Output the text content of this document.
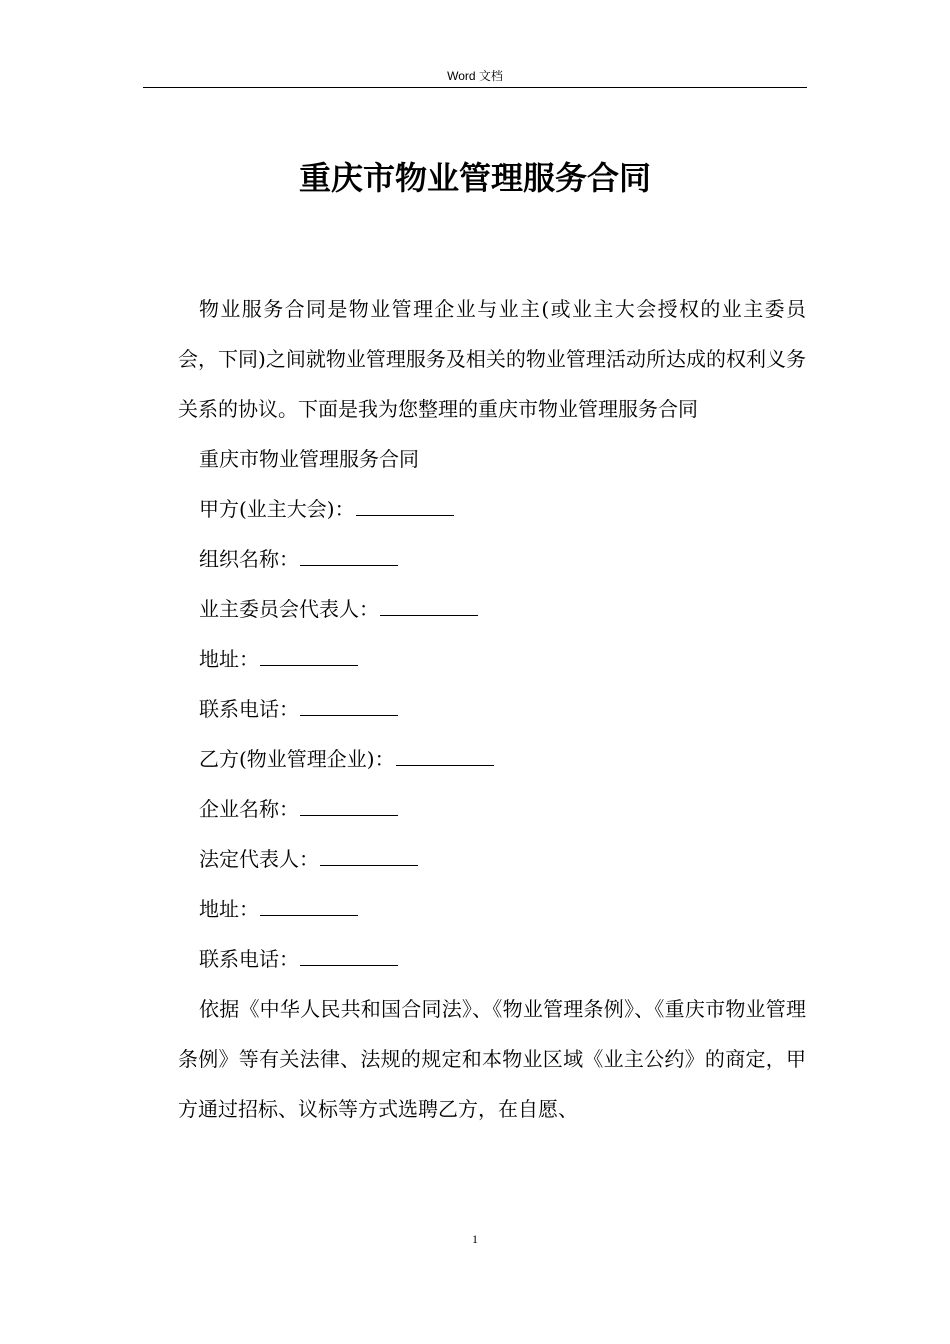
Word 文档
重庆市物业管理服务合同

物业服务合同是物业管理企业与业主(或业主大会授权的业主委员会，下同)之间就物业管理服务及相关的物业管理活动所达成的权利义务关系的协议。下面是我为您整理的重庆市物业管理服务合同

重庆市物业管理服务合同

甲方(业主大会)：

组织名称：

业主委员会代表人：

地址：

联系电话：

乙方(物业管理企业)：

企业名称：

法定代表人：

地址：

联系电话：

依据《中华人民共和国合同法》、《物业管理条例》、《重庆市物业管理条例》等有关法律、法规的规定和本物业区域《业主公约》的商定，甲方通过招标、议标等方式选聘乙方，在自愿、

1
